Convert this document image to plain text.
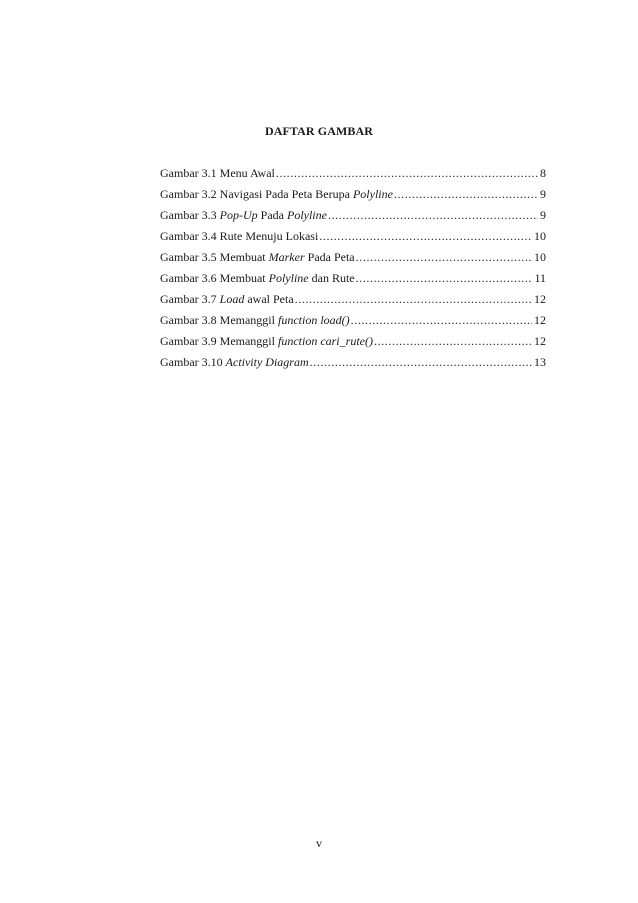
DAFTAR GAMBAR
Gambar 3.1 Menu Awal .....	8
Gambar 3.2 Navigasi Pada Peta Berupa Polyline .....	9
Gambar 3.3 Pop-Up Pada Polyline .....	9
Gambar 3.4 Rute Menuju Lokasi .....	10
Gambar 3.5 Membuat Marker Pada Peta .....	10
Gambar 3.6 Membuat Polyline dan Rute .....	11
Gambar 3.7 Load awal Peta .....	12
Gambar 3.8 Memanggil function load() .....	12
Gambar 3.9 Memanggil function cari_rute() .....	12
Gambar 3.10 Activity Diagram .....	13
v
